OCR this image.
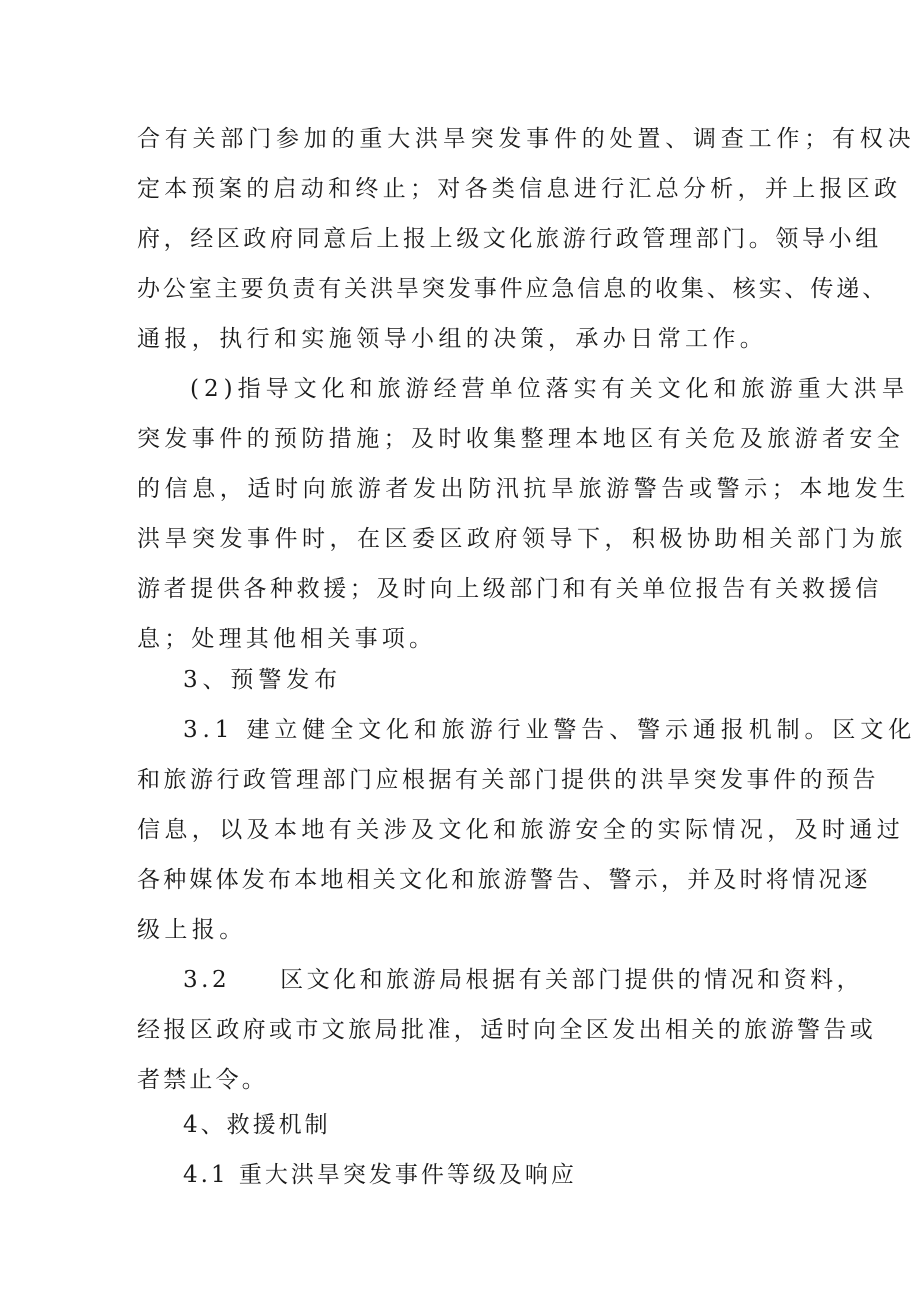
合有关部门参加的重大洪旱突发事件的处置、调查工作；有权决

定本预案的启动和终止；对各类信息进行汇总分析，并上报区政

府，经区政府同意后上报上级文化旅游行政管理部门。领导小组

办公室主要负责有关洪旱突发事件应急信息的收集、核实、传递、

通报，执行和实施领导小组的决策，承办日常工作。

(2)指导文化和旅游经营单位落实有关文化和旅游重大洪旱

突发事件的预防措施；及时收集整理本地区有关危及旅游者安全

的信息，适时向旅游者发出防汛抗旱旅游警告或警示；本地发生

洪旱突发事件时，在区委区政府领导下，积极协助相关部门为旅

游者提供各种救援；及时向上级部门和有关单位报告有关救援信

息；处理其他相关事项。

3、预警发布

3.1 建立健全文化和旅游行业警告、警示通报机制。区文化

和旅游行政管理部门应根据有关部门提供的洪旱突发事件的预告

信息，以及本地有关涉及文化和旅游安全的实际情况，及时通过

各种媒体发布本地相关文化和旅游警告、警示，并及时将情况逐

级上报。

3.2 区文化和旅游局根据有关部门提供的情况和资料，

经报区政府或市文旅局批准，适时向全区发出相关的旅游警告或

者禁止令。

4、救援机制

4.1 重大洪旱突发事件等级及响应
